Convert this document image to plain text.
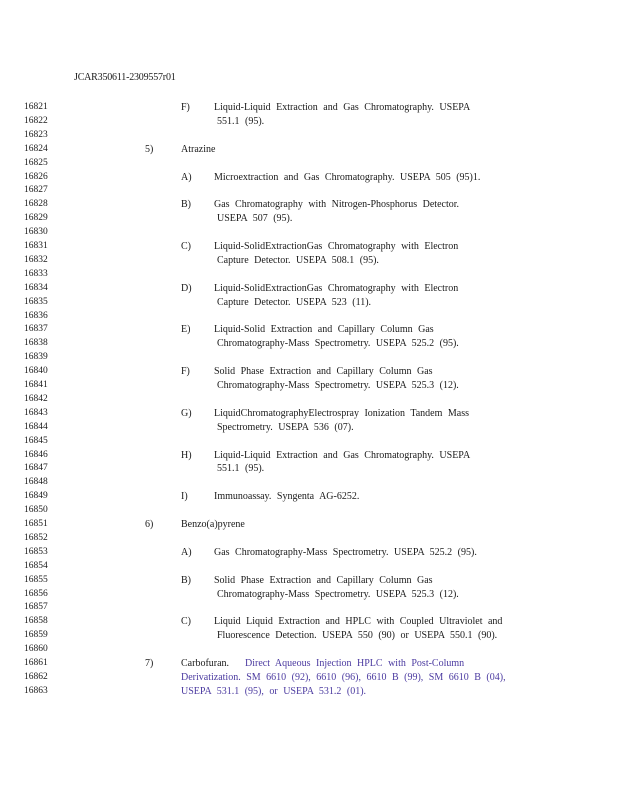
JCAR350611-2309557r01
16821	F) Liquid-Liquid Extraction and Gas Chromatography. USEPA
16822	551.1 (95).
16823
16824	5)	Atrazine
16825
16826	A) Microextraction and Gas Chromatography. USEPA 505 (95)1.
16827
16828	B) Gas Chromatography with Nitrogen-Phosphorus Detector.
16829	USEPA 507 (95).
16830
16831	C) Liquid-SolidExtractionGas Chromatography with Electron
16832	Capture Detector. USEPA 508.1 (95).
16833
16834	D) Liquid-SolidExtractionGas Chromatography with Electron
16835	Capture Detector. USEPA 523 (11).
16836
16837	E) Liquid-Solid Extraction and Capillary Column Gas
16838	Chromatography-Mass Spectrometry. USEPA 525.2 (95).
16839
16840	F) Solid Phase Extraction and Capillary Column Gas
16841	Chromatography-Mass Spectrometry. USEPA 525.3 (12).
16842
16843	G) LiquidChromatographyElectrospray Ionization Tandem Mass
16844	Spectrometry. USEPA 536 (07).
16845
16846	H) Liquid-Liquid Extraction and Gas Chromatography. USEPA
16847	551.1 (95).
16848
16849	I)	Immunoassay. Syngenta AG-6252.
16850
16851	6)	Benzo(a)pyrene
16852
16853	A) Gas Chromatography-Mass Spectrometry. USEPA 525.2 (95).
16854
16855	B) Solid Phase Extraction and Capillary Column Gas
16856	Chromatography-Mass Spectrometry. USEPA 525.3 (12).
16857
16858	C) Liquid Liquid Extraction and HPLC with Coupled Ultraviolet and
16859	Fluorescence Detection. USEPA 550 (90) or USEPA 550.1 (90).
16860
16861	7)	Carbofuran. Direct Aqueous Injection HPLC with Post-Column
16862	Derivatization. SM 6610 (92), 6610 (96), 6610 B (99), SM 6610 B (04),
16863	USEPA 531.1 (95), or USEPA 531.2 (01).
